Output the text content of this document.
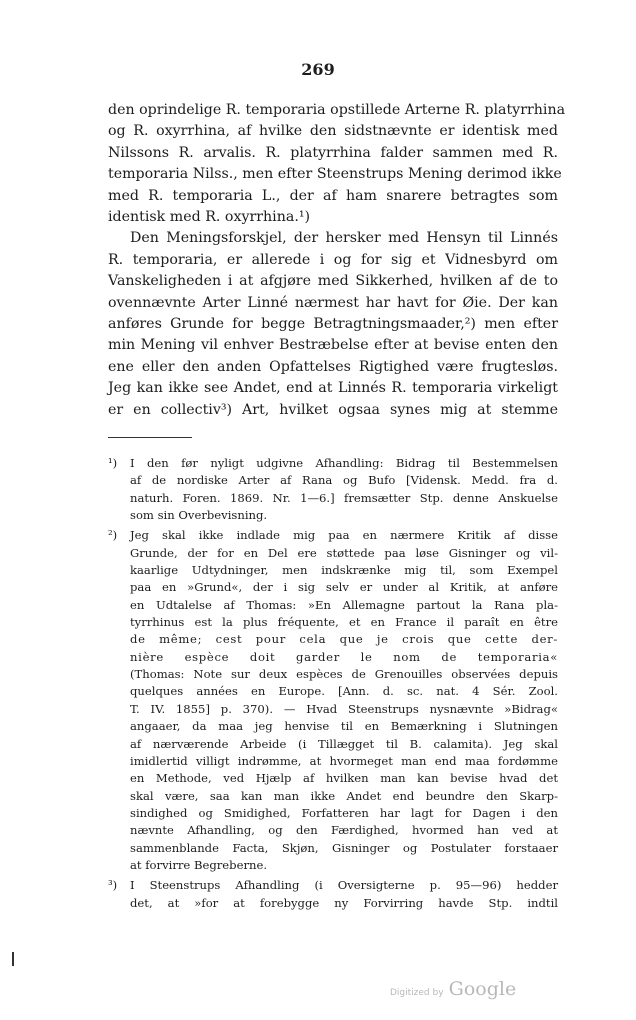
269
den oprindelige R. temporaria opstillede Arterne R. platyrrhina
og R. oxyrrhina, af hvilke den sidstnævnte er identisk med
Nilssons R. arvalis. R. platyrrhina falder sammen med R.
temporaria Nilss., men efter Steenstrups Mening derimod ikke
med R. temporaria L., der af ham snarere betragtes som
identisk med R. oxyrrhina.¹)
Den Meningsforskjel, der hersker med Hensyn til Linnés
R. temporaria, er allerede i og for sig et Vidnesbyrd om
Vanskeligheden i at afgjøre med Sikkerhed, hvilken af de to
ovennævnte Arter Linné nærmest har havt for Øie. Der kan
anføres Grunde for begge Betragtningsmaader,²) men efter
min Mening vil enhver Bestræbelse efter at bevise enten den
ene eller den anden Opfattelses Rigtighed være frugtesløs.
Jeg kan ikke see Andet, end at Linnés R. temporaria virkeligt
er en collectiv³) Art, hvilket ogsaa synes mig at stemme
¹) I den før nyligt udgivne Afhandling: Bidrag til Bestemmelsen
af de nordiske Arter af Rana og Bufo [Vidensk. Medd. fra d.
naturh. Foren. 1869. Nr. 1—6.] fremsætter Stp. denne Anskuelse
som sin Overbevisning.
²) Jeg skal ikke indlade mig paa en nærmere Kritik af disse
Grunde, der for en Del ere støttede paa løse Gisninger og vil-
kaarlige Udtydninger, men indskrænke mig til, som Exempel
paa en »Grund«, der i sig selv er under al Kritik, at anføre
en Udtalelse af Thomas: »En Allemagne partout la Rana pla-
tyrrhinus est la plus fréquente, et en France il paraît en être
de même; cest pour cela que je crois que cette der-
nière espèce doit garder le nom de temporaria«
(Thomas: Note sur deux espèces de Grenouilles observées depuis
quelques années en Europe. [Ann. d. sc. nat. 4 Sér. Zool.
T. IV. 1855] p. 370). — Hvad Steenstrups nysnævnte »Bidrag«
angaaer, da maa jeg henvise til en Bemærkning i Slutningen
af nærværende Arbeide (i Tillægget til B. calamita). Jeg skal
imidlertid villigt indrømme, at hvormeget man end maa fordømme
en Methode, ved Hjælp af hvilken man kan bevise hvad det
skal være, saa kan man ikke Andet end beundre den Skarp-
sindighed og Smidighed, Forfatteren har lagt for Dagen i den
nævnte Afhandling, og den Færdighed, hvormed han ved at
sammenblande Facta, Skjøn, Gisninger og Postulater forstaaer
at forvirre Begreberne.
³) I Steenstrups Afhandling (i Oversigterne p. 95—96) hedder
det, at »for at forebygge ny Forvirring havde Stp. indtil
Digitized by Google
